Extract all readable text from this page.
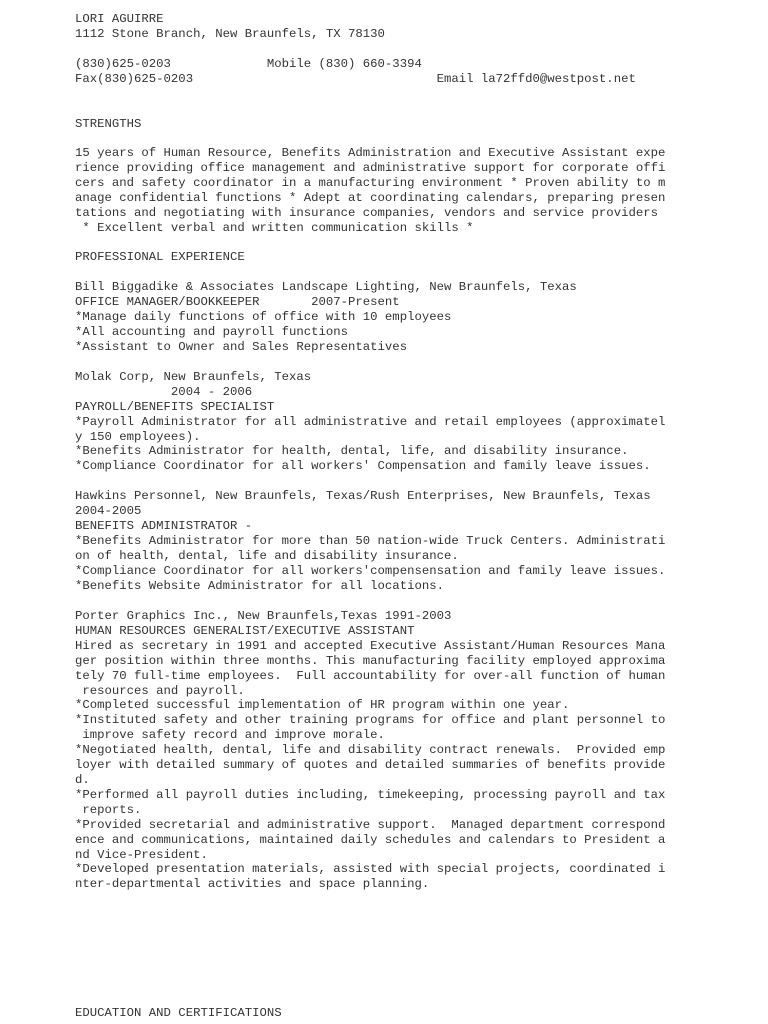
LORI AGUIRRE

1112 Stone Branch, New Braunfels, TX 78130

(830)625-0203             Mobile (830) 660-3394

Fax(830)625-0203                                 Email la72ffd0@westpost.net

STRENGTHS

15 years of Human Resource, Benefits Administration and Executive Assistant expe

rience providing office management and administrative support for corporate offi

cers and safety coordinator in a manufacturing environment * Proven ability to m

anage confidential functions * Adept at coordinating calendars, preparing presen

tations and negotiating with insurance companies, vendors and service providers

* Excellent verbal and written communication skills *

PROFESSIONAL EXPERIENCE

Bill Biggadike & Associates Landscape Lighting, New Braunfels, Texas

OFFICE MANAGER/BOOKKEEPER       2007-Present

*Manage daily functions of office with 10 employees

*All accounting and payroll functions

*Assistant to Owner and Sales Representatives

Molak Corp, New Braunfels, Texas

2004 - 2006

PAYROLL/BENEFITS SPECIALIST

*Payroll Administrator for all administrative and retail employees (approximatel

y 150 employees).

*Benefits Administrator for health, dental, life, and disability insurance.

*Compliance Coordinator for all workers' Compensation and family leave issues.

Hawkins Personnel, New Braunfels, Texas/Rush Enterprises, New Braunfels, Texas

2004-2005

BENEFITS ADMINISTRATOR -

*Benefits Administrator for more than 50 nation-wide Truck Centers. Administrati

on of health, dental, life and disability insurance.

*Compliance Coordinator for all workers'compensensation and family leave issues.

*Benefits Website Administrator for all locations.

Porter Graphics Inc., New Braunfels,Texas 1991-2003

HUMAN RESOURCES GENERALIST/EXECUTIVE ASSISTANT

Hired as secretary in 1991 and accepted Executive Assistant/Human Resources Mana

ger position within three months. This manufacturing facility employed approxima

tely 70 full-time employees.  Full accountability for over-all function of human

resources and payroll.

*Completed successful implementation of HR program within one year.

*Instituted safety and other training programs for office and plant personnel to

improve safety record and improve morale.

*Negotiated health, dental, life and disability contract renewals.  Provided emp

loyer with detailed summary of quotes and detailed summaries of benefits provide

d.

*Performed all payroll duties including, timekeeping, processing payroll and tax

reports.

*Provided secretarial and administrative support.  Managed department correspond

ence and communications, maintained daily schedules and calendars to President a

nd Vice-President.

*Developed presentation materials, assisted with special projects, coordinated i

nter-departmental activities and space planning.

EDUCATION AND CERTIFICATIONS
